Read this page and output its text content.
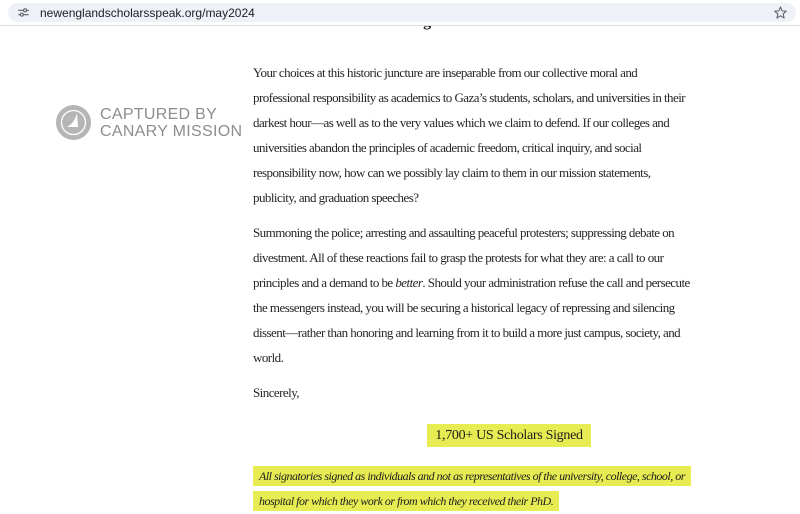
CAPTURED BY
CANARY MISSION
Your choices at this historic juncture are inseparable from our collective moral and
professional responsibility as academics to Gaza’s students, scholars, and universities in their
darkest hour—as well as to the very values which we claim to defend. If our colleges and
universities abandon the principles of academic freedom, critical inquiry, and social
responsibility now, how can we possibly lay claim to them in our mission statements,
publicity, and graduation speeches?
Summoning the police; arresting and assaulting peaceful protesters; suppressing debate on
divestment. All of these reactions fail to grasp the protests for what they are: a call to our
principles and a demand to be better. Should your administration refuse the call and persecute
the messengers instead, you will be securing a historical legacy of repressing and silencing
dissent—rather than honoring and learning from it to build a more just campus, society, and
world.
Sincerely,
1,700+ US Scholars Signed
All signatories signed as individuals and not as representatives of the university, college, school, or
hospital for which they work or from which they received their PhD.
newenglandscholarsspeak.org/may2024
